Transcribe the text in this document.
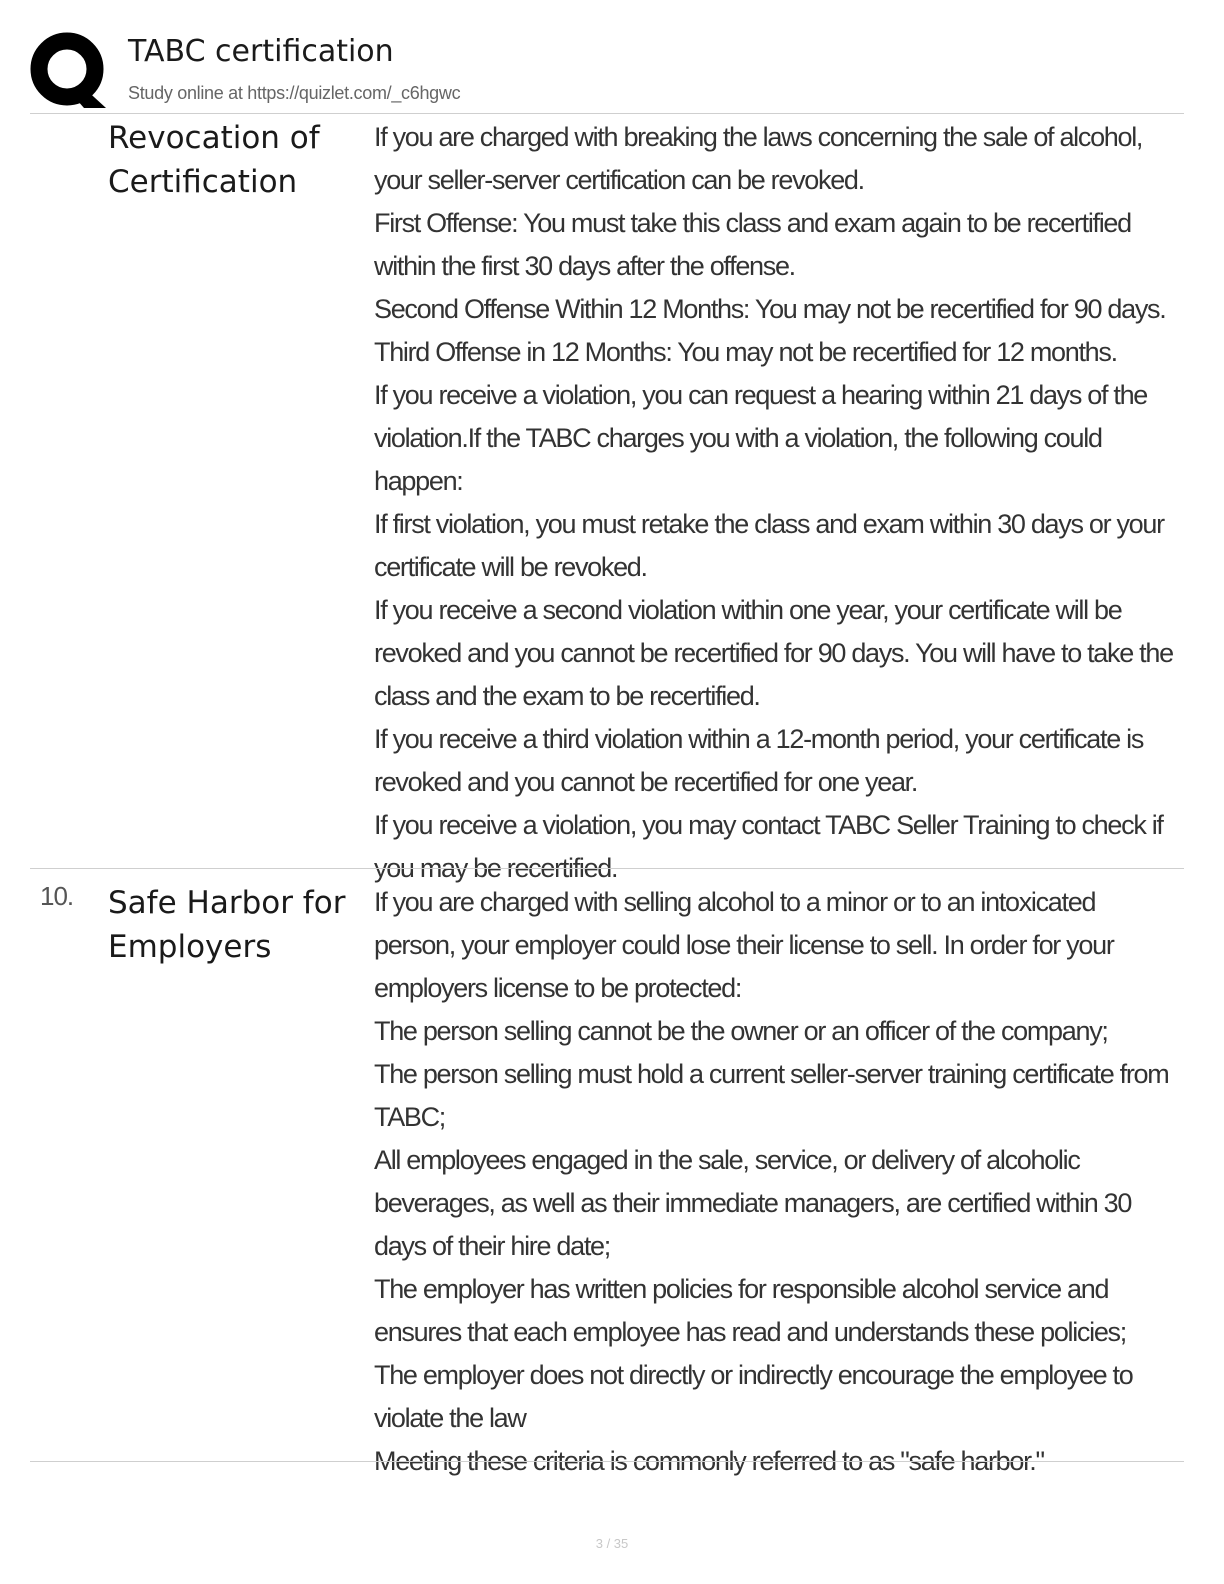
TABC certification
Study online at https://quizlet.com/_c6hgwc
Revocation of Certification
If you are charged with breaking the laws concerning the sale of alcohol, your seller-server certification can be revoked.
First Offense: You must take this class and exam again to be recertified within the first 30 days after the offense.
Second Offense Within 12 Months: You may not be recertified for 90 days.
Third Offense in 12 Months: You may not be recertified for 12 months.
If you receive a violation, you can request a hearing within 21 days of the violation.If the TABC charges you with a violation, the following could happen:
If first violation, you must retake the class and exam within 30 days or your certificate will be revoked.
If you receive a second violation within one year, your certificate will be revoked and you cannot be recertified for 90 days. You will have to take the class and the exam to be recertified.
If you receive a third violation within a 12-month period, your certificate is revoked and you cannot be recertified for one year.
If you receive a violation, you may contact TABC Seller Training to check if you may be recertified.
10. Safe Harbor for Employers
If you are charged with selling alcohol to a minor or to an intoxicated person, your employer could lose their license to sell. In order for your employers license to be protected:
The person selling cannot be the owner or an officer of the company;
The person selling must hold a current seller-server training certificate from TABC;
All employees engaged in the sale, service, or delivery of alcoholic beverages, as well as their immediate managers, are certified within 30 days of their hire date;
The employer has written policies for responsible alcohol service and ensures that each employee has read and understands these policies;
The employer does not directly or indirectly encourage the employee to violate the law
Meeting these criteria is commonly referred to as "safe harbor."
3 / 35
